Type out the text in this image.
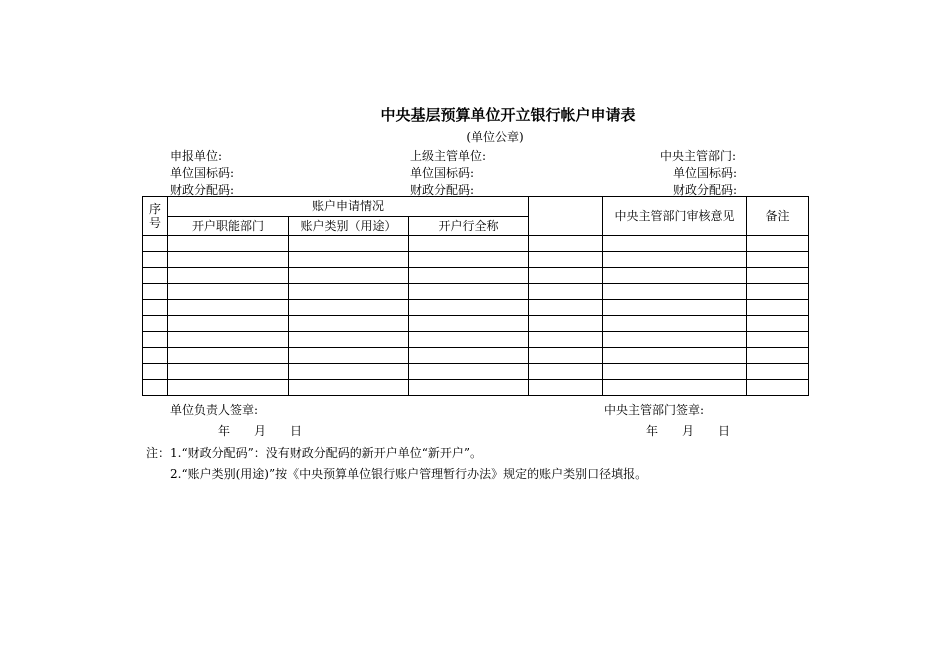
中央基层预算单位开立银行帐户申请表
(单位公章)
申报单位:	上级主管单位:	中央主管部门:
单位国标码:	单位国标码:	单位国标码:
财政分配码:	财政分配码:	财政分配码:
序号	账户申请情况				中央主管部门审核意见	备注
	开户职能部门	账户类别（用途）	开户行全称			

单位负责人签章:	中央主管部门签章:
年　　月　　日	年　　月　　日
注：1.“财政分配码”：没有财政分配码的新开户单位“新开户”。
2.“账户类别(用途)”按《中央预算单位银行账户管理暂行办法》规定的账户类别口径填报。
